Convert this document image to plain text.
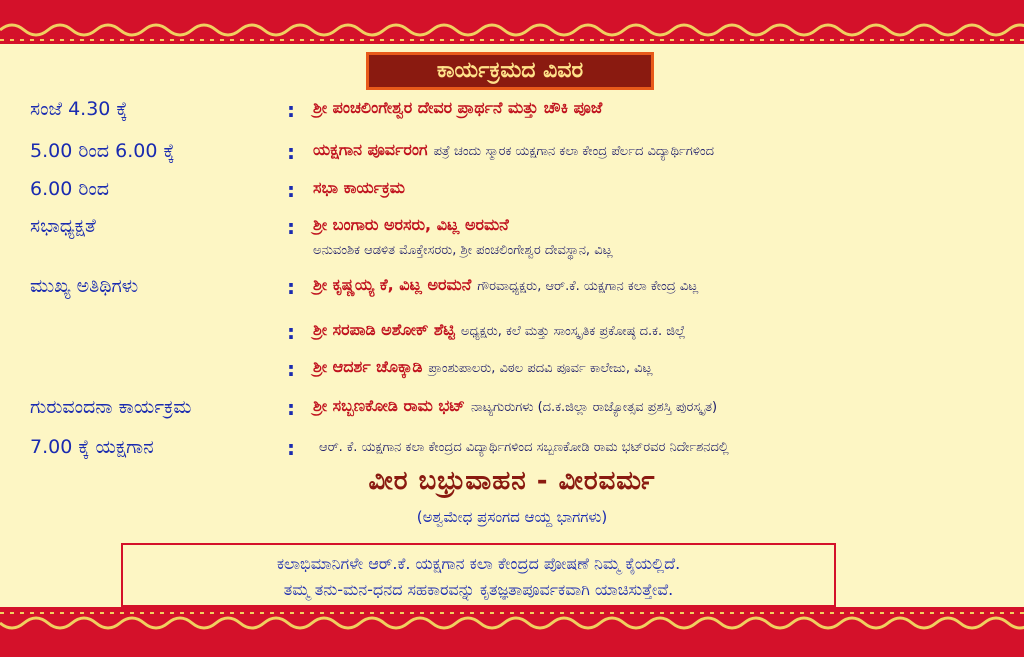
ಕಾರ್ಯಕ್ರಮದ ವಿವರ
ಸಂಜೆ 4.30 ಕ್ಕೆ	: ಶ್ರೀ ಪಂಚಲಿಂಗೇಶ್ವರ ದೇವರ ಪ್ರಾರ್ಥನೆ ಮತ್ತು ಚೌಕಿ ಪೂಜೆ
5.00 ರಿಂದ 6.00 ಕ್ಕೆ	: ಯಕ್ಷಗಾನ ಪೂರ್ವರಂಗ ಪತ್ರೆ ಚಂದು ಸ್ಮಾರಕ ಯಕ್ಷಗಾನ ಕಲಾ ಕೇಂದ್ರ ಪೆರ್ಲದ ವಿದ್ಯಾರ್ಥಿಗಳಿಂದ
6.00 ರಿಂದ	: ಸಭಾ ಕಾರ್ಯಕ್ರಮ
ಸಭಾಧ್ಯಕ್ಷತೆ	: ಶ್ರೀ ಬಂಗಾರು ಅರಸರು, ವಿಟ್ಲ ಅರಮನೆ
ಅನುವಂಶಿಕ ಆಡಳಿತ ಮೊಕ್ತೇಸರರು, ಶ್ರೀ ಪಂಚಲಿಂಗೇಶ್ವರ ದೇವಸ್ಥಾನ, ವಿಟ್ಲ
ಮುಖ್ಯ ಅತಿಥಿಗಳು	: ಶ್ರೀ ಕೃಷ್ಣಯ್ಯ ಕೆ, ವಿಟ್ಲ ಅರಮನೆ ಗೌರವಾಧ್ಯಕ್ಷರು, ಆರ್.ಕೆ. ಯಕ್ಷಗಾನ ಕಲಾ ಕೇಂದ್ರ ವಿಟ್ಲ
: ಶ್ರೀ ಸರಪಾಡಿ ಅಶೋಕ್ ಶೆಟ್ಟಿ ಅಧ್ಯಕ್ಷರು, ಕಲೆ ಮತ್ತು ಸಾಂಸ್ಕೃತಿಕ ಪ್ರಕೋಷ್ಠ ದ.ಕ. ಜಿಲ್ಲೆ
: ಶ್ರೀ ಆದರ್ಶ ಚೊಕ್ಕಾಡಿ ಪ್ರಾಂಶುಪಾಲರು, ವಿಠಲ ಪದವಿ ಪೂರ್ವ ಕಾಲೇಜು, ವಿಟ್ಲ
ಗುರುವಂದನಾ ಕಾರ್ಯಕ್ರಮ	: ಶ್ರೀ ಸಬ್ಬಣಕೋಡಿ ರಾಮ ಭಟ್ ನಾಟ್ಯಗುರುಗಳು (ದ.ಕ.ಜಿಲ್ಲಾ ರಾಜ್ಯೋತ್ಸವ ಪ್ರಶಸ್ತಿ ಪುರಸ್ಕೃತ)
7.00 ಕ್ಕೆ ಯಕ್ಷಗಾನ	:	ಆರ್. ಕೆ. ಯಕ್ಷಗಾನ ಕಲಾ ಕೇಂದ್ರದ ವಿದ್ಯಾರ್ಥಿಗಳಿಂದ ಸಬ್ಬಣಕೋಡಿ ರಾಮ ಭಟ್‌ರವರ ನಿರ್ದೇಶನದಲ್ಲಿ
ವೀರ ಬಭ್ರುವಾಹನ - ವೀರವರ್ಮ
(ಅಶ್ವಮೇಧ ಪ್ರಸಂಗದ ಆಯ್ದ ಭಾಗಗಳು)
ಕಲಾಭಿಮಾನಿಗಳೇ ಆರ್.ಕೆ. ಯಕ್ಷಗಾನ ಕಲಾ ಕೇಂದ್ರದ ಪೋಷಣೆ ನಿಮ್ಮ ಕೈಯಲ್ಲಿದೆ.
ತಮ್ಮ ತನು-ಮನ-ಧನದ ಸಹಕಾರವನ್ನು ಕೃತಜ್ಞತಾಪೂರ್ವಕವಾಗಿ ಯಾಚಿಸುತ್ತೇವೆ.
